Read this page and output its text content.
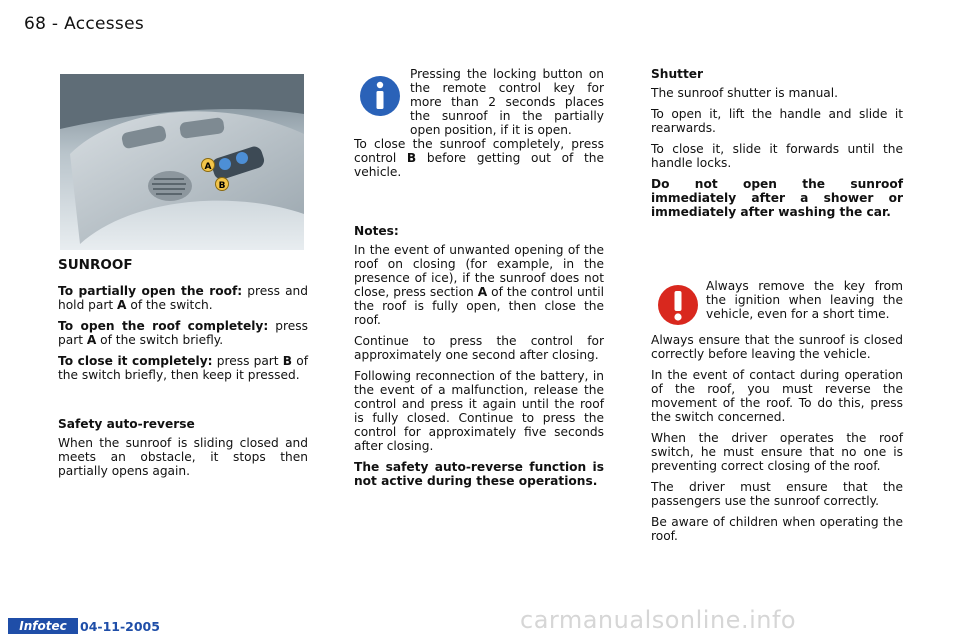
68 - Accesses
A
B

SUNROOF

To partially open the roof: press and hold part A of the switch.

To open the roof completely: press part A of the switch briefly.

To close it completely: press part B of the switch briefly, then keep it pressed.

Safety auto-reverse

When the sunroof is sliding closed and meets an obstacle, it stops then partially opens again.

Pressing the locking button on the remote control key for more than 2 seconds places the sunroof in the partially open position, if it is open.

To close the sunroof completely, press control B before getting out of the vehicle.

Notes:

In the event of unwanted opening of the roof on closing (for example, in the presence of ice), if the sunroof does not close, press section A of the control until the roof is fully open, then close the roof.

Continue to press the control for approximately one second after closing.

Following reconnection of the battery, in the event of a malfunction, release the control and press it again until the roof is fully closed. Continue to press the control for approximately five seconds after closing.

The safety auto-reverse function is not active during these operations.

Shutter

The sunroof shutter is manual.

To open it, lift the handle and slide it rearwards.

To close it, slide it forwards until the handle locks.

Do not open the sunroof immediately after a shower or immediately after washing the car.

Always remove the key from the ignition when leaving the vehicle, even for a short time.

Always ensure that the sunroof is closed correctly before leaving the vehicle.

In the event of contact during operation of the roof, you must reverse the movement of the roof. To do this, press the switch concerned.

When the driver operates the roof switch, he must ensure that no one is preventing correct closing of the roof.

The driver must ensure that the passengers use the sunroof correctly.

Be aware of children when operating the roof.

Infotec	04-11-2005	carmanualsonline.info
